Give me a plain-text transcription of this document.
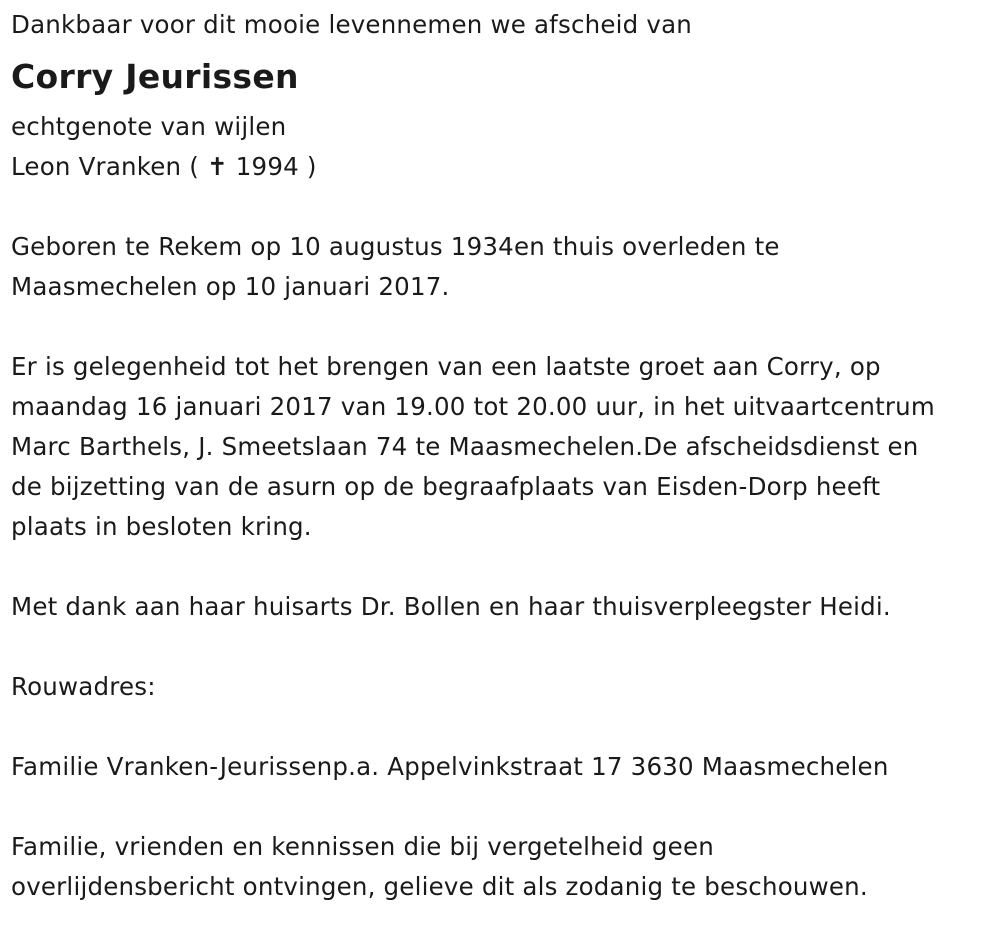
Dankbaar voor dit mooie levennemen we afscheid van

Corry Jeurissen

echtgenote van wijlen

Leon Vranken ( ✝ 1994 )

Geboren te Rekem op 10 augustus 1934en thuis overleden te

Maasmechelen op 10 januari 2017.

Er is gelegenheid tot het brengen van een laatste groet aan Corry, op

maandag 16 januari 2017 van 19.00 tot 20.00 uur, in het uitvaartcentrum

Marc Barthels, J. Smeetslaan 74 te Maasmechelen.De afscheidsdienst en

de bijzetting van de asurn op de begraafplaats van Eisden-Dorp heeft

plaats in besloten kring.

Met dank aan haar huisarts Dr. Bollen en haar thuisverpleegster Heidi.

Rouwadres:

Familie Vranken-Jeurissenp.a. Appelvinkstraat 17 3630 Maasmechelen

Familie, vrienden en kennissen die bij vergetelheid geen

overlijdensbericht ontvingen, gelieve dit als zodanig te beschouwen.
